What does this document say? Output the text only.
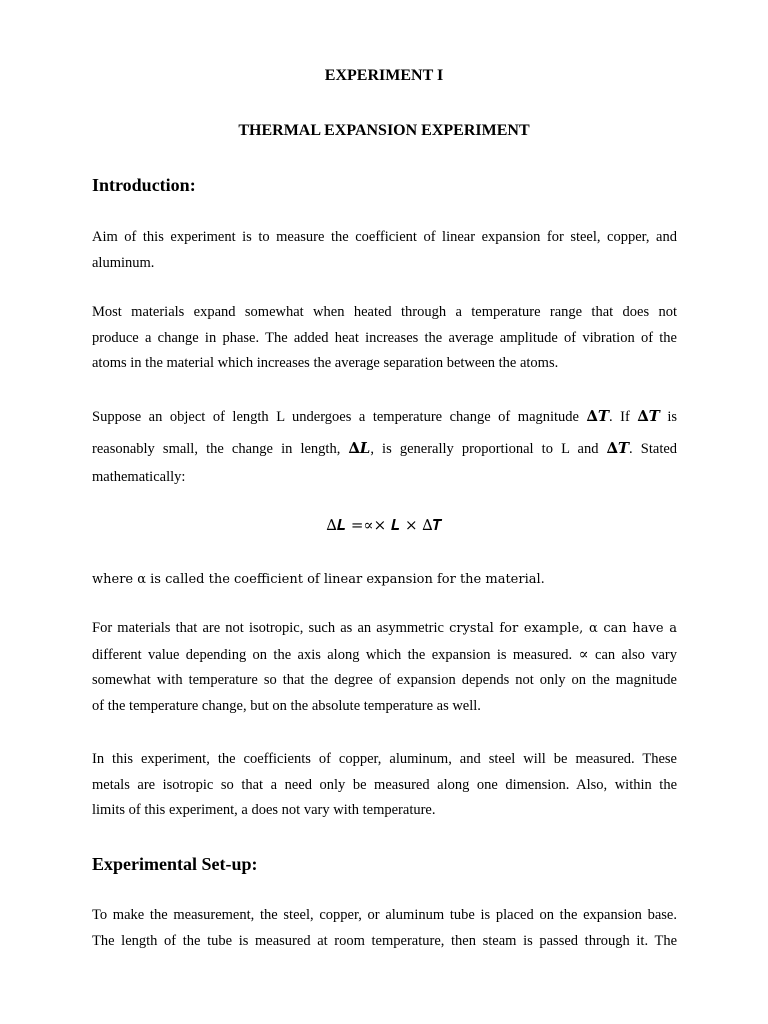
EXPERIMENT I
THERMAL EXPANSION EXPERIMENT
Introduction:

Aim of this experiment is to measure the coefficient of linear expansion for steel, copper, and
aluminum.

Most materials expand somewhat when heated through a temperature range that does not
produce a change in phase. The added heat increases the average amplitude of vibration of the
atoms in the material which increases the average separation between the atoms.

Suppose an object of length L undergoes a temperature change of magnitude ∆𝑻. If ∆𝑻 is
reasonably small, the change in length, ∆𝑳, is generally proportional to L and ∆𝑻. Stated
mathematically:

∆𝑳 =∝× 𝑳 × ∆𝑻

where α is called the coefficient of linear expansion for the material.

For materials that are not isotropic, such as an asymmetric crystal for example, α can have a
different value depending on the axis along which the expansion is measured. ∝ can also vary
somewhat with temperature so that the degree of expansion depends not only on the magnitude
of the temperature change, but on the absolute temperature as well.

In this experiment, the coefficients of copper, aluminum, and steel will be measured. These
metals are isotropic so that a need only be measured along one dimension. Also, within the
limits of this experiment, a does not vary with temperature.

Experimental Set-up:

To make the measurement, the steel, copper, or aluminum tube is placed on the expansion base.
The length of the tube is measured at room temperature, then steam is passed through it. The
